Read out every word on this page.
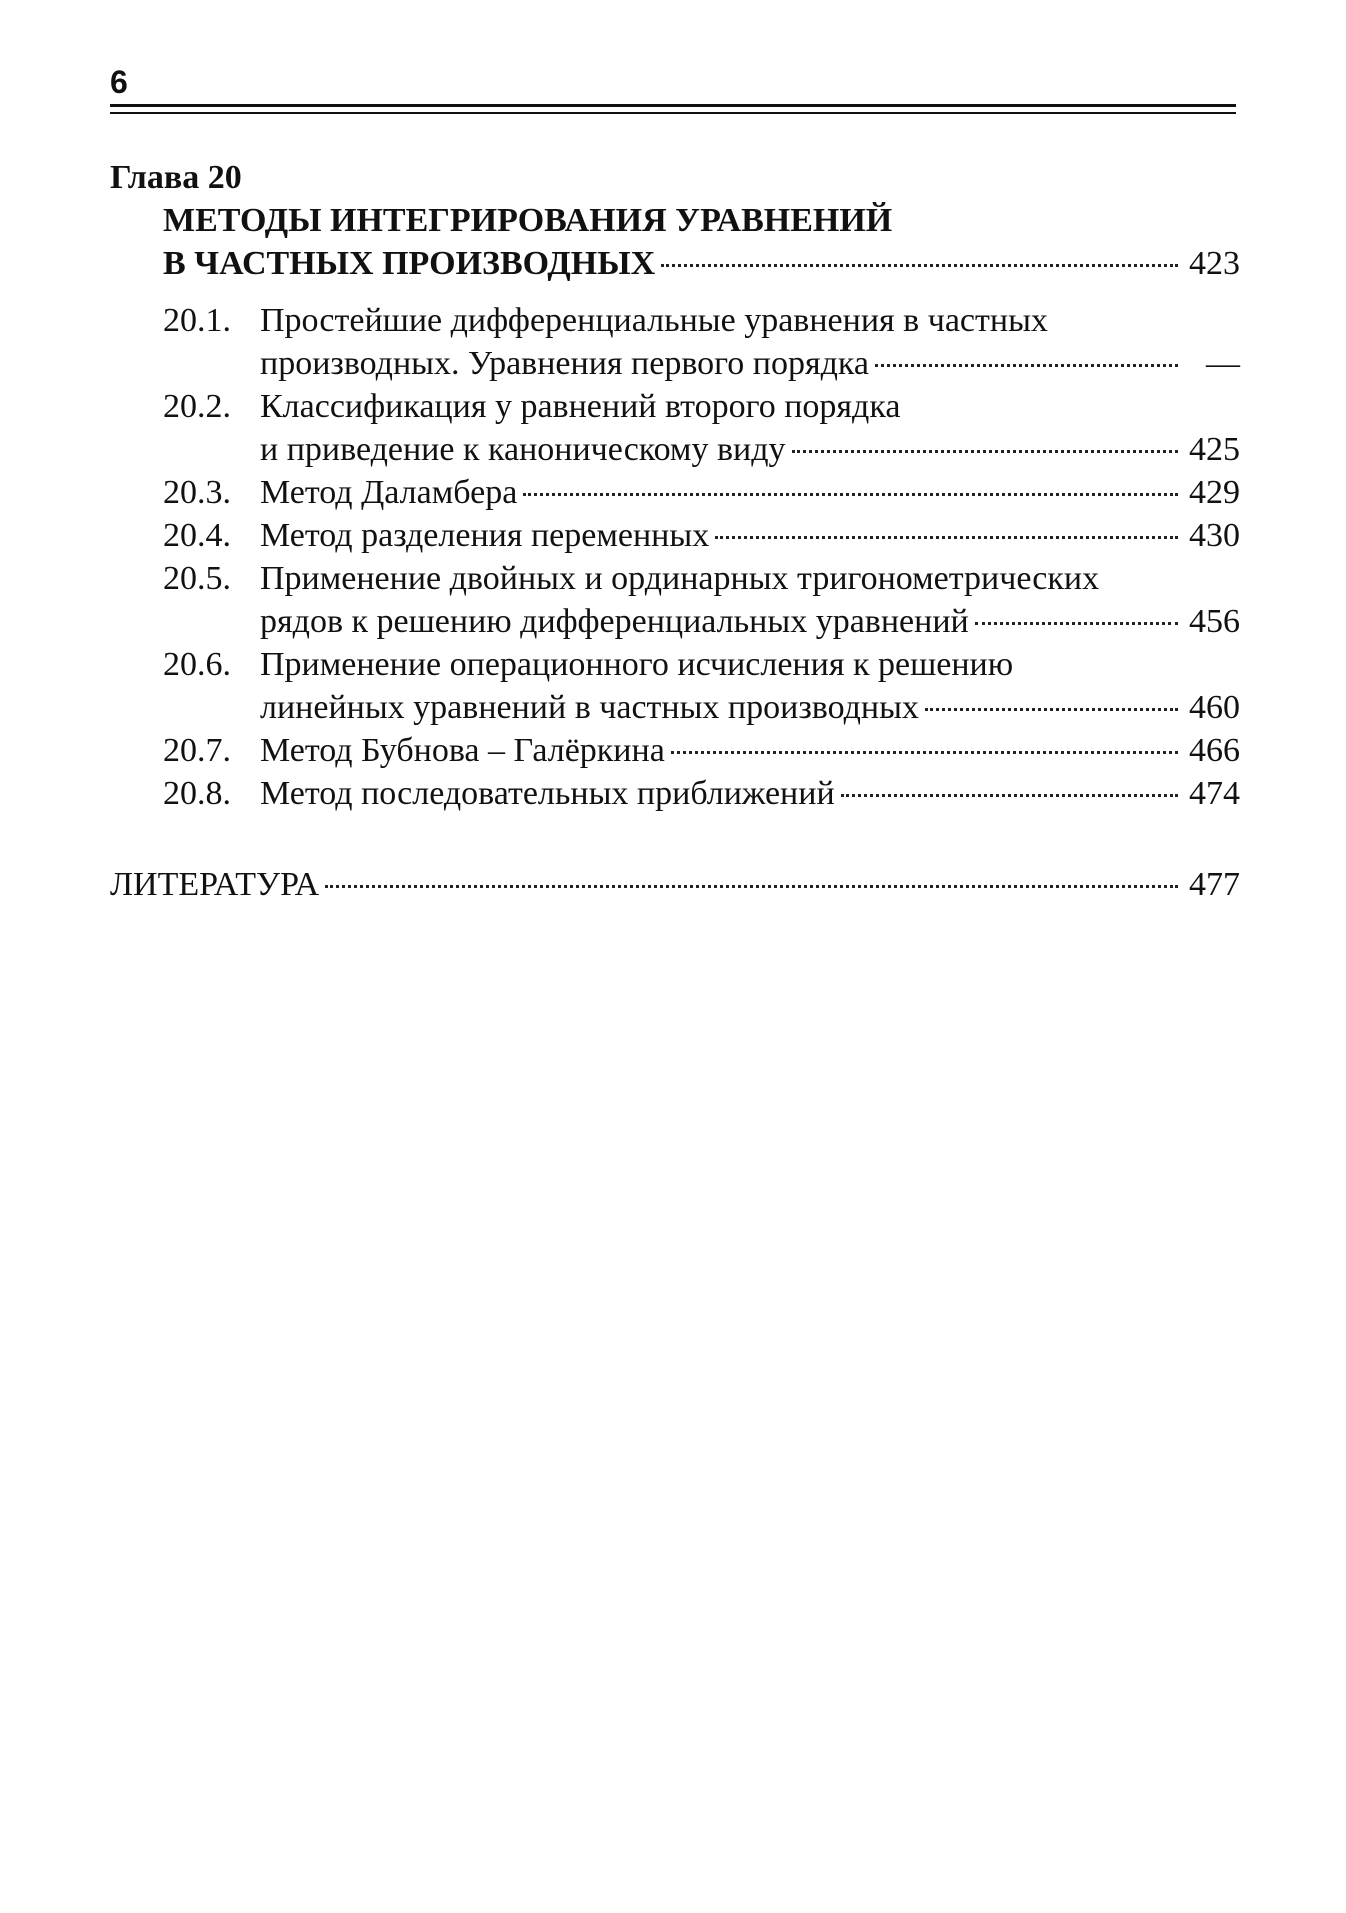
6
Глава 20
МЕТОДЫ ИНТЕГРИРОВАНИЯ УРАВНЕНИЙ
В ЧАСТНЫХ ПРОИЗВОДНЫХ	423
20.1. Простейшие дифференциальные уравнения в частных
производных. Уравнения первого порядка	—
20.2. Классификация у равнений второго порядка
и приведение к каноническому виду	425
20.3. Метод Даламбера	429
20.4. Метод разделения переменных	430
20.5. Применение двойных и ординарных тригонометрических
рядов к решению дифференциальных уравнений	456
20.6. Применение операционного исчисления к решению
линейных уравнений в частных производных	460
20.7. Метод Бубнова – Галёркина	466
20.8. Метод последовательных приближений	474
ЛИТЕРАТУРА	477
